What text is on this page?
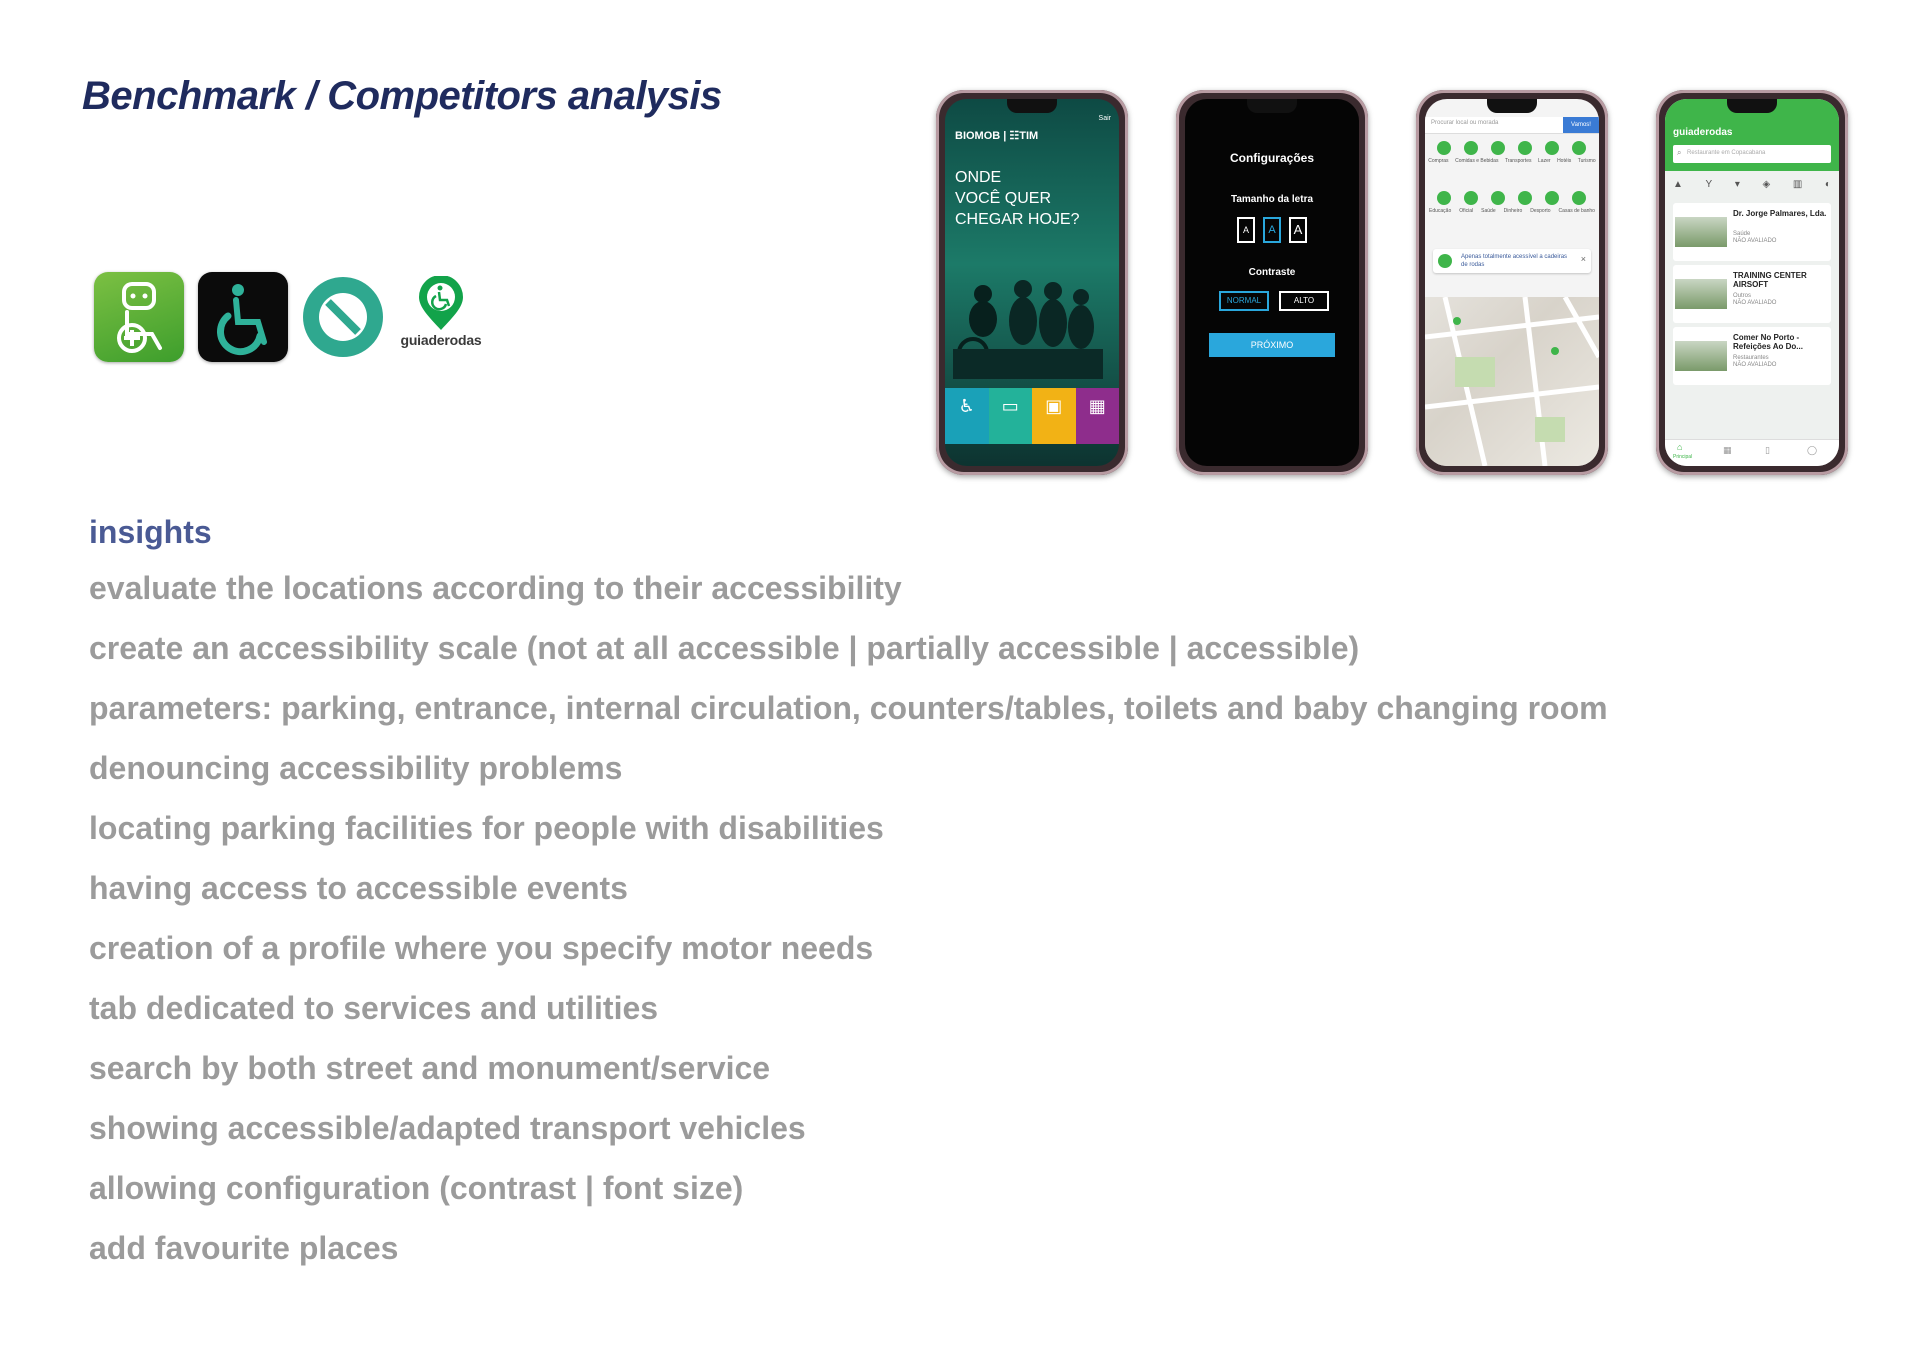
Benchmark / Competitors analysis
guiaderodas
BIOMOB | ☷TIM
Sair
ONDE
VOCÊ QUER
CHEGAR HOJE?
♿	▭	▣	▦
Configurações
Tamanho da letra
A	A	A
Contraste
NORMAL	ALTO
PRÓXIMO
Procurar local ou morada	Vamos!
Compras Comidas e Bebidas Transportes Lazer Hotéis Turismo
Educação Oficial Saúde Dinheiro Desporto Casas de banho
Apenas totalmente acessível a cadeiras de rodas
×
guiaderodas
Restaurante em Copacabana
⌕
▲ Y ▾ ◈ ▥ ◐
Dr. Jorge Palmares, Lda.
Saúde
NÃO AVALIADO
TRAINING CENTER AIRSOFT
Outros
NÃO AVALIADO
Comer No Porto - Refeições Ao Do...
Restaurantes
NÃO AVALIADO
⌂
Principal
▦	▯	◯
insights
evaluate the locations according to their accessibility
create an accessibility scale (not at all accessible | partially accessible | accessible)
parameters: parking, entrance, internal circulation, counters/tables, toilets and baby changing room
denouncing accessibility problems
locating parking facilities for people with disabilities
having access to accessible events
creation of a profile where you specify motor needs
tab dedicated to services and utilities
search by both street and monument/service
showing accessible/adapted transport vehicles
allowing configuration (contrast | font size)
add favourite places
